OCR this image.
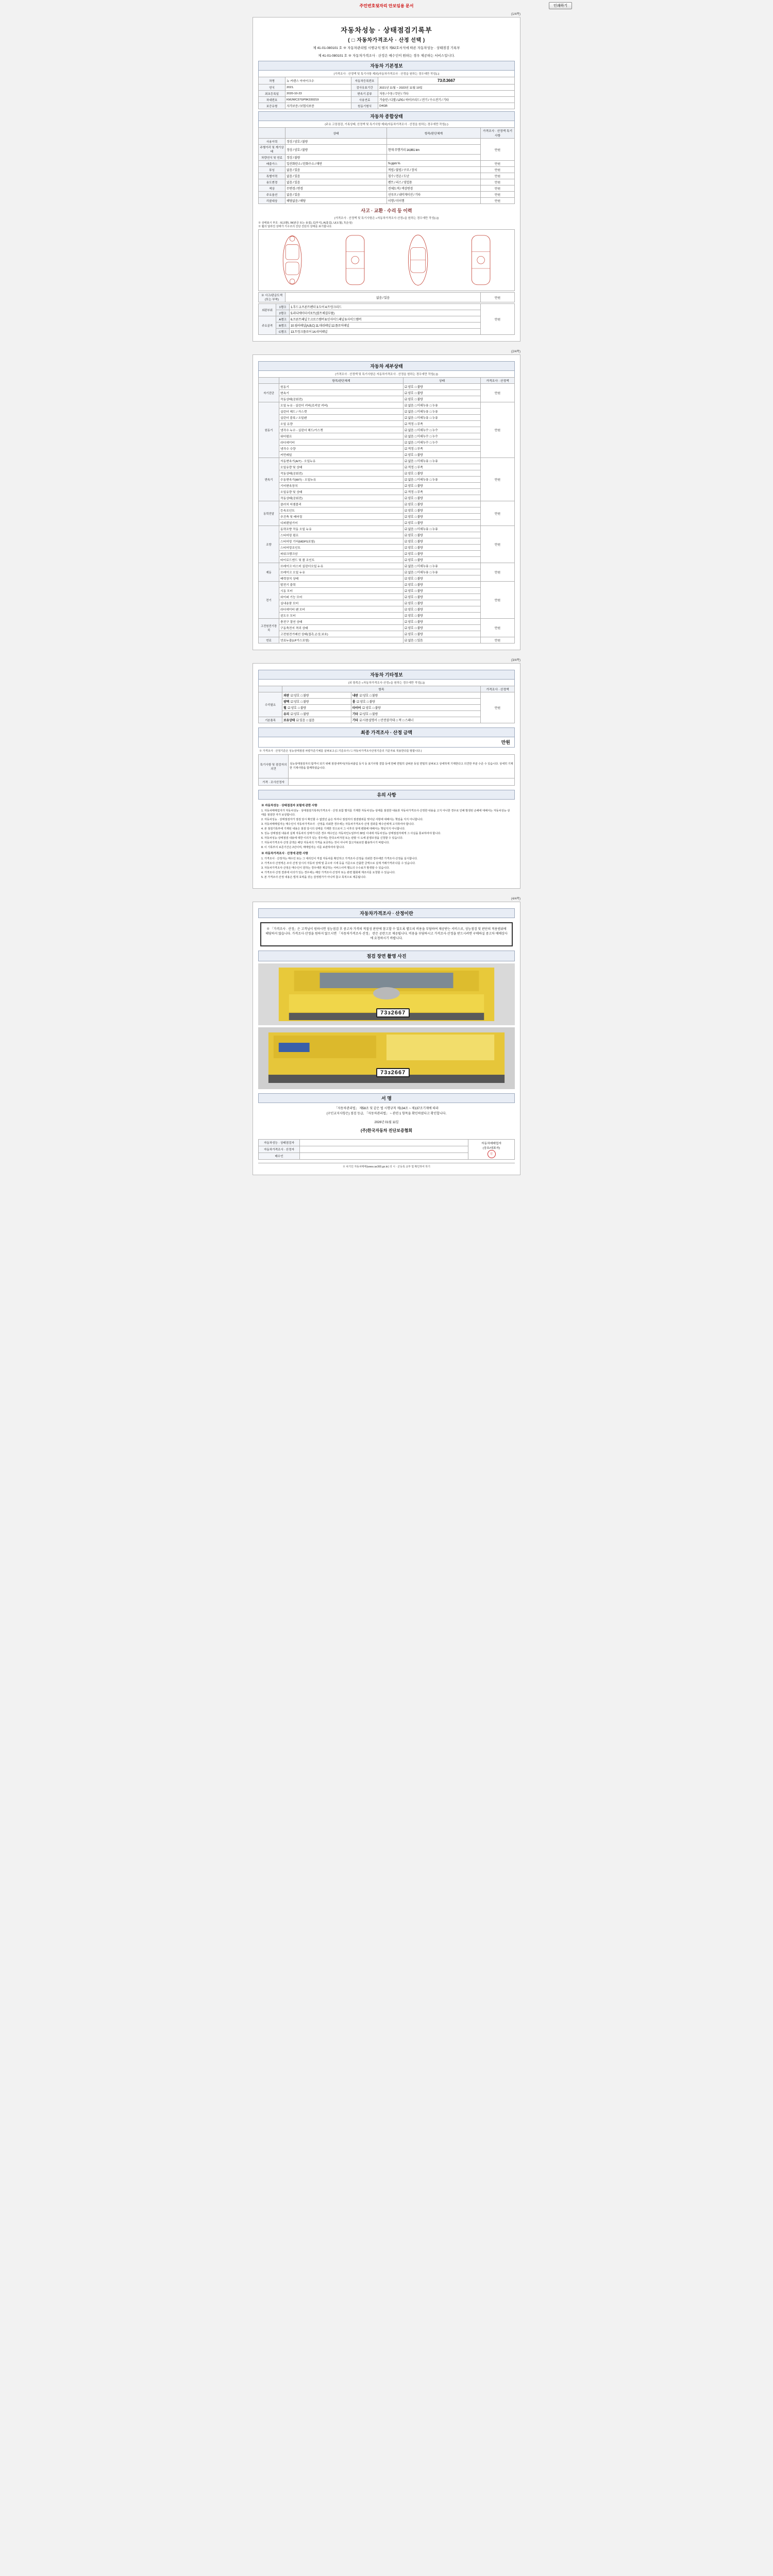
주민번호뒷자리 안보임용 문서	인쇄하기
(1/4쪽)
자동차성능 · 상태점검기록부
( □ 자동차가격조사 · 산정 선택 )
제 41-01-080101 호 ※ 자동차관리법 시행규칙 별지 제82호서식에 따른 자동차성능 · 상태점검 기록부
제 41-01-080101 호 ※ 자동차가격조사 · 산정은 매수인이 원하는 경우 제공하는 서비스입니다.
자동차 기본정보
(가격조사 · 산정액 및 특기사항 제외)자동차가격조사 · 산정을 원하는 경우에만 작성(□)
차명	뉴 카렌스 아마이크수	자동차등록번호	73조3667
연식	2021.	검사유효기간	2021년 11월 ~ 2023년 11월 19일
최초등록일	2020-10-23	변속기 종류	자동 / 수동 / 무단 / 기타
차대번호	KMJWC37GP9K330219	사용연료	가솔린 / 디젤 / LPG / 하이브리드 / 전기 / 수소전기 / 기타
보증유형	자가보증 / 보험사보증	원동기형식	D4GB
자동차 종합상태
(주요 고장점검, 기록상태, 산정액 및 특기사항 제외)자동차가격조사 · 산정을 원하는 경우에만 작성(□)
	상태	항목/판단체계	가격조사 · 산정액 특기사항
사용이력	정상 / 양호 / 불량		만원
주행거리 및 계기상태	정상 / 양호 / 불량	현재 주행거리 14,861 km	
차량연식 및 연료	정상 / 불량		
배출가스	일산화탄소 / 탄화수소 / 매연	% ppm %	만원
튜닝	없음 / 있음	적법 / 불법 / 구조 / 장치	만원
특별이력	없음 / 있음	침수 / 전손 / 도난	만원
용도변경	없음 / 있음	렌트 / 리스 / 영업용	만원
색상	무변경 / 변경	전체도색 / 색상변경	만원
주요옵션	없음 / 있음	선루프 / 내비게이션 / 기타	만원
리콜대상	해당없음 / 해당	이행 / 미이행	만원
사고 · 교환 · 수리 등 이력
(가격조사 · 산정액 및 특기사항은 «자동차가격조사·산정»을 원하는 경우에만 작성(□))
※ 상태표시 부호 : X(교환), W(판금 또는 용접), C(부식), A(흠집), U(요철), T(손상)
※ 휠의 달라진 상태가 기구조의 진단 진단의 상태를 표기합니다.
※ 사고/판금도색(또는 부착)	없음 / 있음	만원
외판부위	1랭크	1.후드 2.프론트펜더 3.도어 4.트렁크리드	만원
	2랭크	5.라디에이터서포트(볼트체결부품)	
주요골격	A랭크	6.프론트패널 7.크로스멤버 8.인사이드패널 9.사이드멤버	
	B랭크	10.필러패널(A,B,C) 11.대쉬패널 12.플로어패널	
	C랭크	13.트렁크플로어 14.리어패널	
(2/4쪽)
자동차 세부상태
(가격조사 · 산정액 및 특기사항은 자동차가격조사 · 산정을 원하는 경우에만 작성(□))
	항목/판단체계	상태	가격조사 · 산정액
자기진단	원동기	☑ 양호 □ 불량	만원
	변속기	☑ 양호 □ 불량	
	작동상태(공회전)	☑ 양호 □ 불량	
원동기	오일 누유 - 실린더 커버(로커암 커버)	☑ 없음 □ 미세누유 □ 누유	만원
	실린더 헤드 / 가스켓	☑ 없음 □ 미세누유 □ 누유	
	실린더 블록 / 오일팬	☑ 없음 □ 미세누유 □ 누유	
	오일 유량	☑ 적정 □ 부족	
	냉각수 누수 - 실린더 헤드/가스켓	☑ 없음 □ 미세누수 □ 누수	
	워터펌프	☑ 없음 □ 미세누수 □ 누수	
	라디에이터	☑ 없음 □ 미세누수 □ 누수	
	냉각수 수량	☑ 적정 □ 부족	
	커먼레일	☑ 양호 □ 불량	
변속기	자동변속기(A/T) - 오일누유	☑ 없음 □ 미세누유 □ 누유	만원
	오일유량 및 상태	☑ 적정 □ 부족	
	작동상태(공회전)	☑ 양호 □ 불량	
	수동변속기(M/T) - 오일누유	☑ 없음 □ 미세누유 □ 누유	
	기어변속장치	☑ 양호 □ 불량	
	오일유량 및 상태	☑ 적정 □ 부족	
	작동상태(공회전)	☑ 양호 □ 불량	
동력전달	클러치 어셈블리	☑ 양호 □ 불량	만원
	등속조인트	☑ 양호 □ 불량	
	추진축 및 베어링	☑ 양호 □ 불량	
	디퍼렌셜기어	☑ 양호 □ 불량	
조향	동력조향 작동 오일 누유	☑ 없음 □ 미세누유 □ 누유	만원
	스티어링 펌프	☑ 양호 □ 불량	
	스티어링 기어(MDPS포함)	☑ 양호 □ 불량	
	스티어링조인트	☑ 양호 □ 불량	
	파워크랭크암	☑ 양호 □ 불량	
	타이로드엔드 및 볼 조인트	☑ 양호 □ 불량	
제동	브레이크 마스터 실린더오일 누유	☑ 없음 □ 미세누유 □ 누유	만원
	브레이크 오일 누유	☑ 없음 □ 미세누유 □ 누유	
	배력장치 상태	☑ 양호 □ 불량	
전기	발전기 출력	☑ 양호 □ 불량	만원
	시동 모터	☑ 양호 □ 불량	
	와이퍼 기능 모터	☑ 양호 □ 불량	
	실내송풍 모터	☑ 양호 □ 불량	
	라디에이터 팬 모터	☑ 양호 □ 불량	
	윈도우 모터	☑ 양호 □ 불량	
고전원전기장치	충전구 절연 상태	☑ 양호 □ 불량	만원
	구동축전지 격리 상태	☑ 양호 □ 불량	
	고전원전기배선 상태(접촉,손상,보호)	☑ 양호 □ 불량	
연료	연료누출(LP가스포함)	☑ 없음 □ 있음	만원
(3/4쪽)
자동차 기타정보
(외 항목은 «자동차가격조사·산정»을 원하는 경우에만 작성(□))
	항목		가격조사 · 산정액
수리필요	외판 ☑ 양호 □ 불량	내판 ☑ 양호 □ 불량	만원
	광택 ☑ 양호 □ 불량	룸 ☑ 양호 □ 불량	
	휠 ☑ 양호 □ 불량	타이어 ☑ 양호 □ 불량	
	유리 ☑ 양호 □ 불량	기타 ☑ 양호 □ 불량	
기본품목	보유상태 ☑ 있음 □ 없음	기타 ☑ 사용설명서 □ 안전삼각대 □ 잭 □ 스패너	
최종 가격조사 · 산정 금액
만원
※ 가격조사 · 산정기준은 성능상태점검 차량가준기체를 살펴보고 (□ 기준조사 / □ 자동차가격조사산정기준의 기준자료 적용한다를 말합니다.)
특기사항 및 점검자의 의견	성능상태점검자의 합격이 되기 위해 점검내역서(자동차출입 등지 등 표기사항 결함 등에 한해 면밀히 살펴본 동일 면밀히 살펴보고 상세하게 기재한다고 의견한 부분 수준 수 있습니다. 상세히 기재한 기재사항을 함께하였습니다.
가격 · 조사산정자	
유의 사항
※ 자동차성능 · 상태점검자 보험에 관한 사항

1. 자동차매매업자가 자동차성능 · 상태점검기록부(가격조사 · 산정 포함 별지를 기재한 자동차성능·상태를 점검한 내용과 자동차가격조사·산정한 내용을 고지 아니한 경우로 인해 발생된 손해에 대해서는 자동차성능·상태를 점검한 자가 보상합니다.

2. 자동차성능 · 상태점검자가 점검 당시 확인할 수 없었던 숨은 하자나 점검자의 점검범위를 벗어난 사항에 대해서는 책임을 지지 아니합니다.

3. 자동차매매업자는 매수인이 자동차가격조사 · 산정을 의뢰한 경우에는 자동차가격조사·산정 결과를 매수인에게 고지하여야 합니다.

4. 본 점검기록부에 기재된 내용은 점검 당시의 상태를 기재한 것으로서 그 이후의 상태 변화에 대해서는 책임지지 아니합니다.

5. 성능·상태점검 내용과 실제 자동차의 상태가 다른 경우 매수인은 자동차인도일부터 30일 이내에 자동차성능·상태점검자에게 그 사실을 통보하여야 합니다.

6. 자동차성능·상태점검 내용에 대한 이의가 있는 경우에는 한국소비자원 또는 관할 시·도에 분쟁조정을 신청할 수 있습니다.

7. 자동차가격조사·산정 금액은 해당 자동차의 가격을 보증하는 것이 아니며 참고자료로만 활용하시기 바랍니다.

8. 이 기록부의 보존기간은 2년이며, 매매업자는 이를 보관하여야 합니다.

※ 자동차가격조사 · 산정에 관한 사항

1. 가격조사 · 산정자는 매수인 또는 그 대리인이 직접 자동차를 확인하고 가격조사·산정을 의뢰한 경우에만 가격조사·산정을 실시합니다.

2. 가격조사·산정액은 조사·산정 당시의 자동차 상태 및 중고차 시세 등을 기준으로 산출한 금액으로 실제 거래가격과 다를 수 있습니다.

3. 자동차가격조사·산정은 매수인이 원하는 경우에만 제공하는 서비스이며 별도의 수수료가 발생할 수 있습니다.

4. 가격조사·산정 결과에 이의가 있는 경우에는 해당 가격조사·산정자 또는 관련 협회에 재조사를 요청할 수 있습니다.

5. 본 가격조사·산정 내용은 법적 효력을 갖는 감정평가가 아니며 참고 목적으로 제공됩니다.

(4/4쪽)
자동차가격조사 · 산정이란
※ 「가격조사 · 산정」은 고객님이 원하시면 성능점검 후 중고차 가격의 적절성 판단에 참고할 수 있도록 별도의 비용을 부담하여 제공받는 서비스로, 성능점검 및 판단의 적용범위에 해당하지 않습니다. 가격조사·산정을 원하지 않으시면 「자동차가격조사·산정」 란은 공란으로 제공됩니다. 비용을 부담하시고 가격조사·산정을 받으시려면 구매하실 중고차 매매상사에 요청하시기 바랍니다.
점검 장면 촬영 사진
73з2667
73з2667
서 명
「자동차관리법」 제58조 및 같은 법 시행규칙 제134조 ~ 제137조기재에 따라
(구인교지사항은) 점검 등급, 「자동차관리법」 ~ 관련 1 항목을 확인하였다고 확인합니다.
2026년 01월 11일
(주)한국자동차 진단보증협회
자동차성능 · 상태점검자		자동차매매업자
(상호/대표자)
인
자동차가격조사 · 산정자		
매수인		
※ 차기인 자동차매매(www.car365.go.kr) 의 시 · 군등록 교부 및 확인하여 하기
